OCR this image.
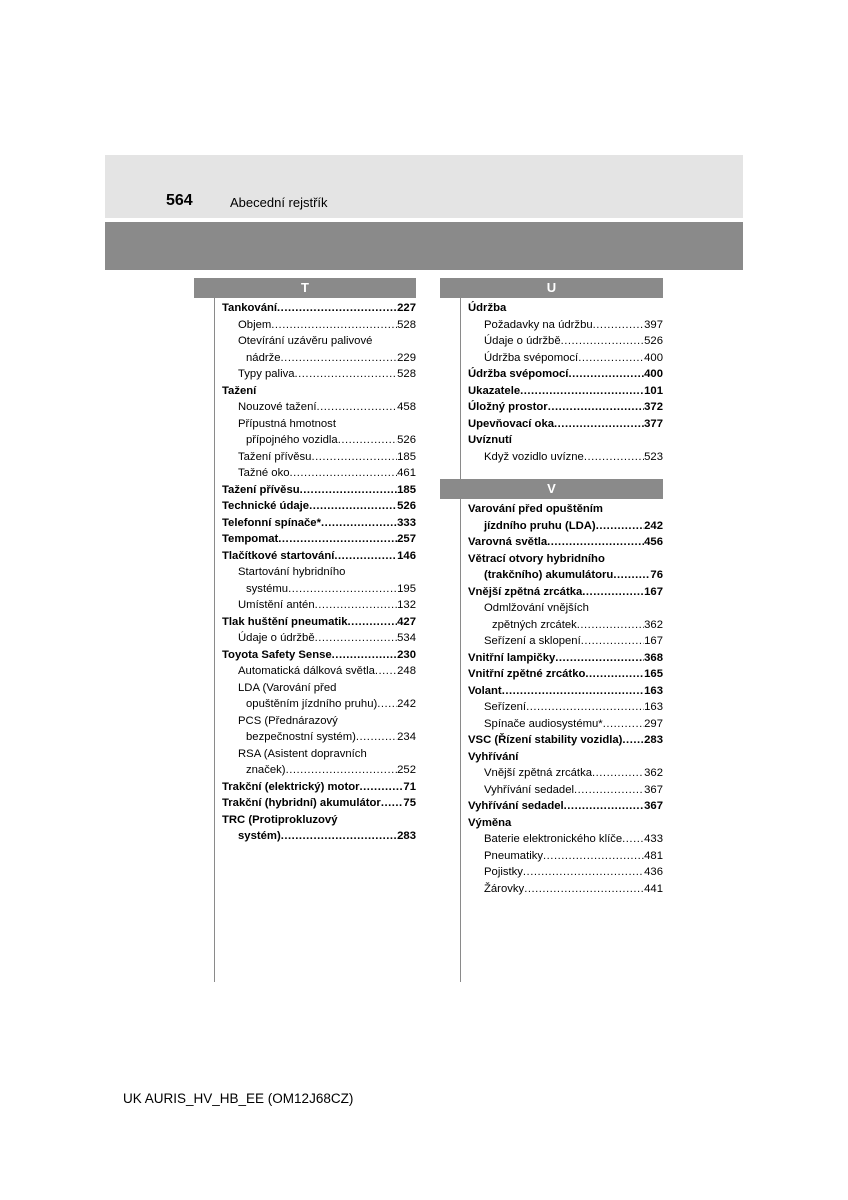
564	Abecední rejstřík
T
Tankování .....	227
Objem .....	528
Otevírání uzávěru palivové
nádrže .....	229
Typy paliva .....	528
Tažení
Nouzové tažení .....	458
Přípustná hmotnost
přípojného vozidla .....	526
Tažení přívěsu .....	185
Tažné oko .....	461
Tažení přívěsu .....	185
Technické údaje .....	526
Telefonní spínače* .....	333
Tempomat .....	257
Tlačítkové startování .....	146
Startování hybridního
systému .....	195
Umístění antén .....	132
Tlak huštění pneumatik .....	427
Údaje o údržbě .....	534
Toyota Safety Sense .....	230
Automatická dálková světla ..... 248
LDA (Varování před
opuštěním jízdního pruhu) ..... 242
PCS (Přednárazový
bezpečnostní systém) .....	234
RSA (Asistent dopravních
značek) .....	252
Trakční (elektrický) motor .....	71
Trakční (hybridní) akumulátor ..... 75
TRC (Protiprokluzový
systém) .....	283
U
Údržba
Požadavky na údržbu .....	397
Údaje o údržbě .....	526
Údržba svépomocí .....	400
Údržba svépomocí .....	400
Ukazatele .....	101
Úložný prostor .....	372
Upevňovací oka .....	377
Uvíznutí
Když vozidlo uvízne .....	523
V
Varování před opuštěním
jízdního pruhu (LDA) .....	242
Varovná světla .....	456
Větrací otvory hybridního
(trakčního) akumulátoru .....	76
Vnější zpětná zrcátka .....	167
Odmlžování vnějších
zpětných zrcátek .....	362
Seřízení a sklopení .....	167
Vnitřní lampičky .....	368
Vnitřní zpětné zrcátko .....	165
Volant .....	163
Seřízení .....	163
Spínače audiosystému* .....	297
VSC (Řízení stability vozidla) ..... 283
Vyhřívání
Vnější zpětná zrcátka .....	362
Vyhřívání sedadel .....	367
Vyhřívání sedadel .....	367
Výměna
Baterie elektronického klíče ..... 433
Pneumatiky .....	481
Pojistky .....	436
Žárovky .....	441
UK AURIS_HV_HB_EE (OM12J68CZ)
